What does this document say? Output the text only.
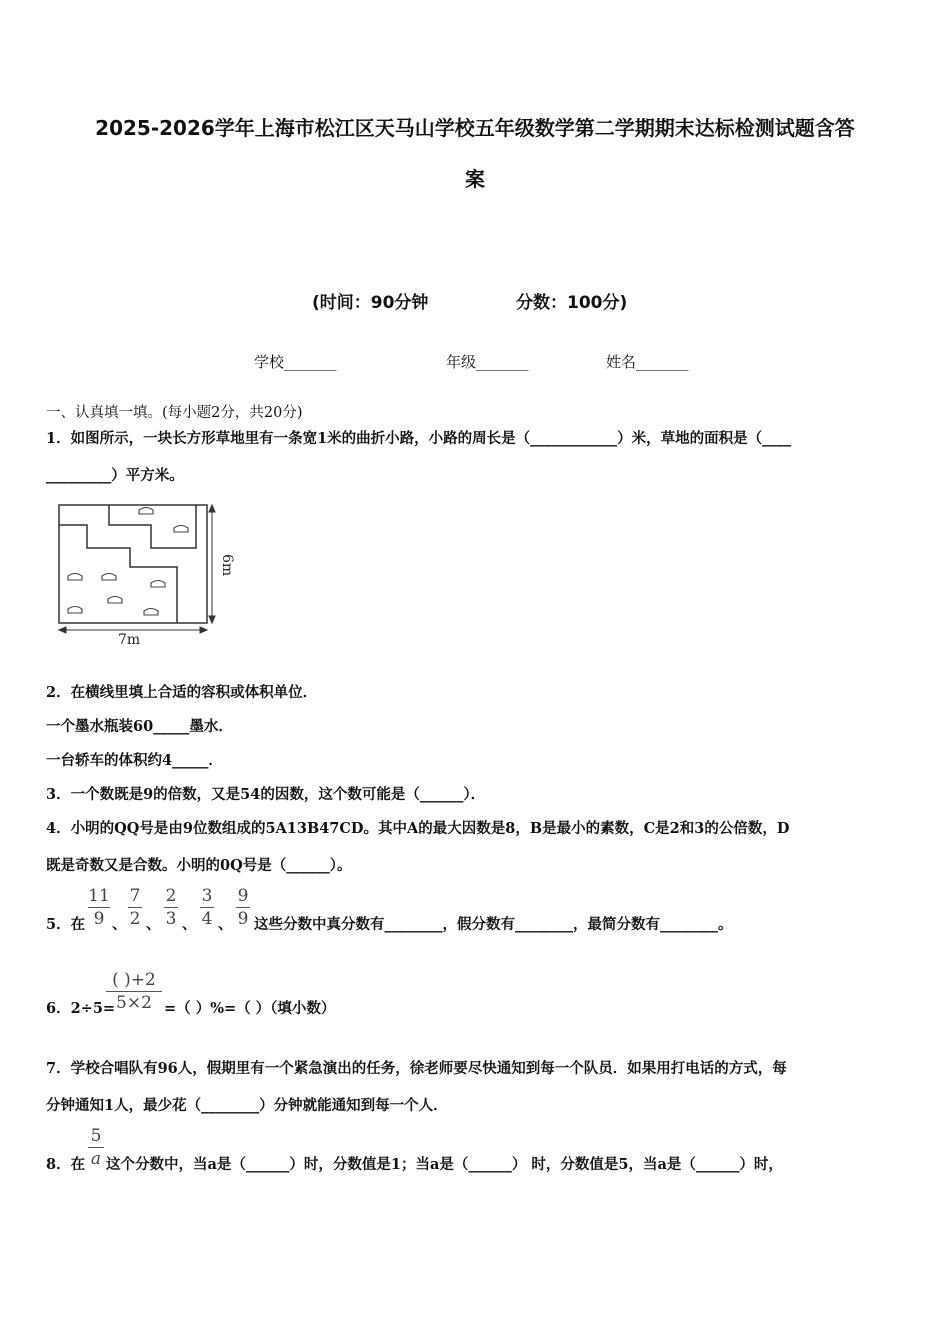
2025-2026学年上海市松江区天马山学校五年级数学第二学期期末达标检测试题含答
案
(时间：90分钟	分数：100分)
学校_______	年级_______	姓名_______
一、认真填一填。(每小题2分，共20分)
1．如图所示，一块长方形草地里有一条宽1米的曲折小路，小路的周长是（____________）米，草地的面积是（____
_________）平方米。
7m
6m
2．在横线里填上合适的容积或体积单位．
一个墨水瓶装60_____墨水．
一台轿车的体积约4_____．
3．一个数既是9的倍数，又是54的因数，这个数可能是（______）．
4．小明的QQ号是由9位数组成的5A13B47CD。其中A的最大因数是8，B是最小的素数，C是2和3的公倍数，D
既是奇数又是合数。小明的0Q号是（______）。
5．在
11
9 、
7
2 、
2
3 、
3
4 、
9
9 这些分数中真分数有________，假分数有________，最简分数有________。
6．2÷5=
( )+2
5×2 =（ ）%=（ ）（填小数）
7．学校合唱队有96人，假期里有一个紧急演出的任务，徐老师要尽快通知到每一个队员．如果用打电话的方式，每
分钟通知1人，最少花（________）分钟就能通知到每一个人．
8．在
5
a 这个分数中，当a是（______）时，分数值是1；当a是（______） 时，分数值是5，当a是（______）时，
